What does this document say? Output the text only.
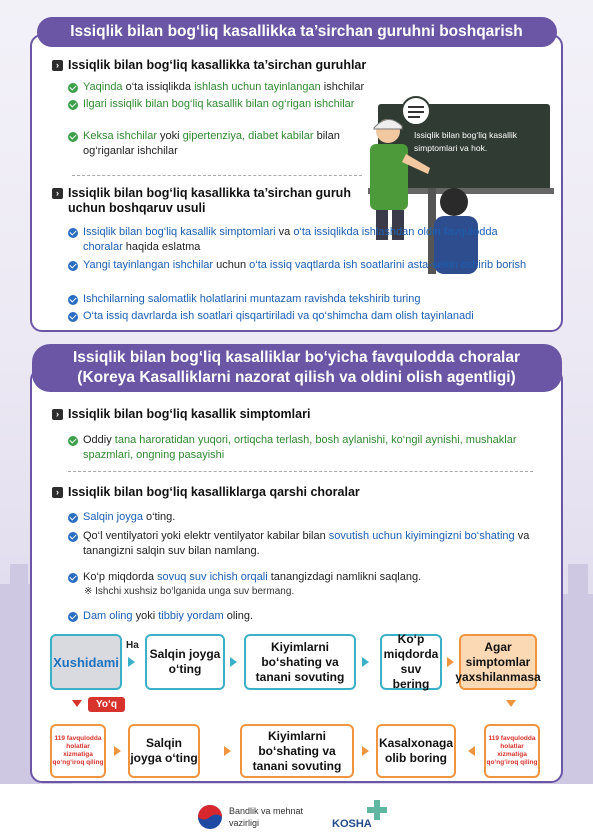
Issiqlik bilan bog‘liq kasallikka ta’sirchan guruhni boshqarish
› Issiqlik bilan bog‘liq kasallikka ta’sirchan guruhlar
Yaqinda o‘ta issiqlikda ishlash uchun tayinlangan ishchilar
Ilgari issiqlik bilan bog‘liq kasallik bilan og‘rigan ishchilar
Keksa ishchilar yoki gipertenziya, diabet kabilar bilan og‘riganlar ishchilar
Issiqlik bilan bog‘liq kasallik simptomlari va hok.
› Issiqlik bilan bog‘liq kasallikka ta’sirchan guruh uchun boshqaruv usuli
Issiqlik bilan bog‘liq kasallik simptomlari va o‘ta issiqlikda ishlashdan oldin favqulodda choralar haqida eslatma
Yangi tayinlangan ishchilar uchun o‘ta issiq vaqtlarda ish soatlarini asta-sekin oshirib borish
Ishchilarning salomatlik holatlarini muntazam ravishda tekshirib turing
O‘ta issiq davrlarda ish soatlari qisqartiriladi va qo‘shimcha dam olish tayinlanadi
Issiqlik bilan bog‘liq kasalliklar bo‘yicha favqulodda choralar
(Koreya Kasalliklarni nazorat qilish va oldini olish agentligi)
› Issiqlik bilan bog‘liq kasallik simptomlari
Oddiy tana haroratidan yuqori, ortiqcha terlash, bosh aylanishi, ko‘ngil aynishi, mushaklar spazmlari, ongning pasayishi
› Issiqlik bilan bog‘liq kasalliklarga qarshi choralar
Salqin joyga o‘ting.
Qo‘l ventilyatori yoki elektr ventilyator kabilar bilan sovutish uchun kiyimingizni bo‘shating va tanangizni salqin suv bilan namlang.
Ko‘p miqdorda sovuq suv ichish orqali tanangizdagi namlikni saqlang.
Dam oling yoki tibbiy yordam oling.
※ Ishchi xushsiz bo‘lganida unga suv bermang.
Xushidami
Ha
Salqin joyga o‘ting
Kiyimlarni bo‘shating va tanani sovuting
Ko‘p miqdorda suv bering
Agar simptomlar yaxshilanmasa
Yo‘q
119 favqulodda holatlar xizmatiga qo‘ng‘iroq qiling
Salqin joyga o‘ting
Kiyimlarni bo‘shating va tanani sovuting
Kasalxonaga olib boring
119 favqulodda holatlar xizmatiga qo‘ng‘iroq qiling
Bandlik va mehnat vazirligi	KOSHA
